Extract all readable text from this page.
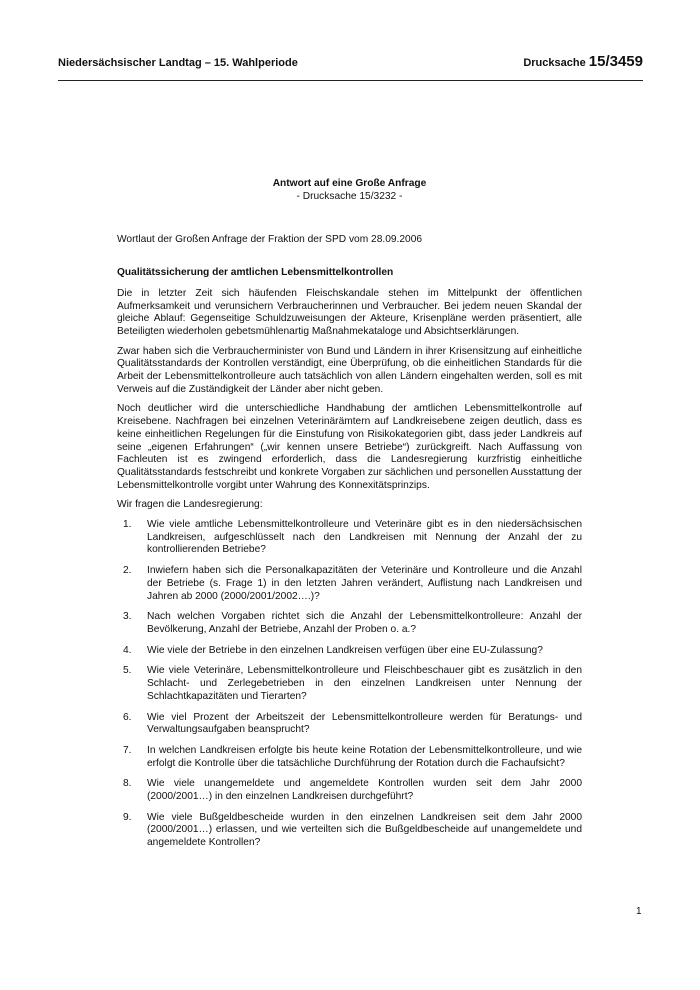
Niedersächsischer Landtag – 15. Wahlperiode	Drucksache 15/3459
Antwort auf eine Große Anfrage
- Drucksache 15/3232 -
Wortlaut der Großen Anfrage der Fraktion der SPD vom 28.09.2006
Qualitätssicherung der amtlichen Lebensmittelkontrollen
Die in letzter Zeit sich häufenden Fleischskandale stehen im Mittelpunkt der öffentlichen Aufmerksamkeit und verunsichern Verbraucherinnen und Verbraucher. Bei jedem neuen Skandal der gleiche Ablauf: Gegenseitige Schuldzuweisungen der Akteure, Krisenpläne werden präsentiert, alle Beteiligten wiederholen gebetsmühlenartig Maßnahmekataloge und Absichtserklärungen.
Zwar haben sich die Verbraucherminister von Bund und Ländern in ihrer Krisensitzung auf einheitliche Qualitätsstandards der Kontrollen verständigt, eine Überprüfung, ob die einheitlichen Standards für die Arbeit der Lebensmittelkontrolleure auch tatsächlich von allen Ländern eingehalten werden, soll es mit Verweis auf die Zuständigkeit der Länder aber nicht geben.
Noch deutlicher wird die unterschiedliche Handhabung der amtlichen Lebensmittelkontrolle auf Kreisebene. Nachfragen bei einzelnen Veterinärämtern auf Landkreisebene zeigen deutlich, dass es keine einheitlichen Regelungen für die Einstufung von Risikokategorien gibt, dass jeder Landkreis auf seine „eigenen Erfahrungen“ („wir kennen unsere Betriebe“) zurückgreift. Nach Auffassung von Fachleuten ist es zwingend erforderlich, dass die Landesregierung kurzfristig einheitliche Qualitätsstandards festschreibt und konkrete Vorgaben zur sächlichen und personellen Ausstattung der Lebensmittelkontrolle vorgibt unter Wahrung des Konnexitätsprinzips.
Wir fragen die Landesregierung:
1.	Wie viele amtliche Lebensmittelkontrolleure und Veterinäre gibt es in den niedersächsischen Landkreisen, aufgeschlüsselt nach den Landkreisen mit Nennung der Anzahl der zu kontrollierenden Betriebe?
2.	Inwiefern haben sich die Personalkapazitäten der Veterinäre und Kontrolleure und die Anzahl der Betriebe (s. Frage 1) in den letzten Jahren verändert, Auflistung nach Landkreisen und Jahren ab 2000 (2000/2001/2002….)?
3.	Nach welchen Vorgaben richtet sich die Anzahl der Lebensmittelkontrolleure: Anzahl der Bevölkerung, Anzahl der Betriebe, Anzahl der Proben o. a.?
4.	Wie viele der Betriebe in den einzelnen Landkreisen verfügen über eine EU-Zulassung?
5.	Wie viele Veterinäre, Lebensmittelkontrolleure und Fleischbeschauer gibt es zusätzlich in den Schlacht- und Zerlegebetrieben in den einzelnen Landkreisen unter Nennung der Schlachtkapazitäten und Tierarten?
6.	Wie viel Prozent der Arbeitszeit der Lebensmittelkontrolleure werden für Beratungs- und Verwaltungsaufgaben beansprucht?
7.	In welchen Landkreisen erfolgte bis heute keine Rotation der Lebensmittelkontrolleure, und wie erfolgt die Kontrolle über die tatsächliche Durchführung der Rotation durch die Fachaufsicht?
8.	Wie viele unangemeldete und angemeldete Kontrollen wurden seit dem Jahr 2000 (2000/2001…) in den einzelnen Landkreisen durchgeführt?
9.	Wie viele Bußgeldbescheide wurden in den einzelnen Landkreisen seit dem Jahr 2000 (2000/2001…) erlassen, und wie verteilten sich die Bußgeldbescheide auf unangemeldete und angemeldete Kontrollen?
1
